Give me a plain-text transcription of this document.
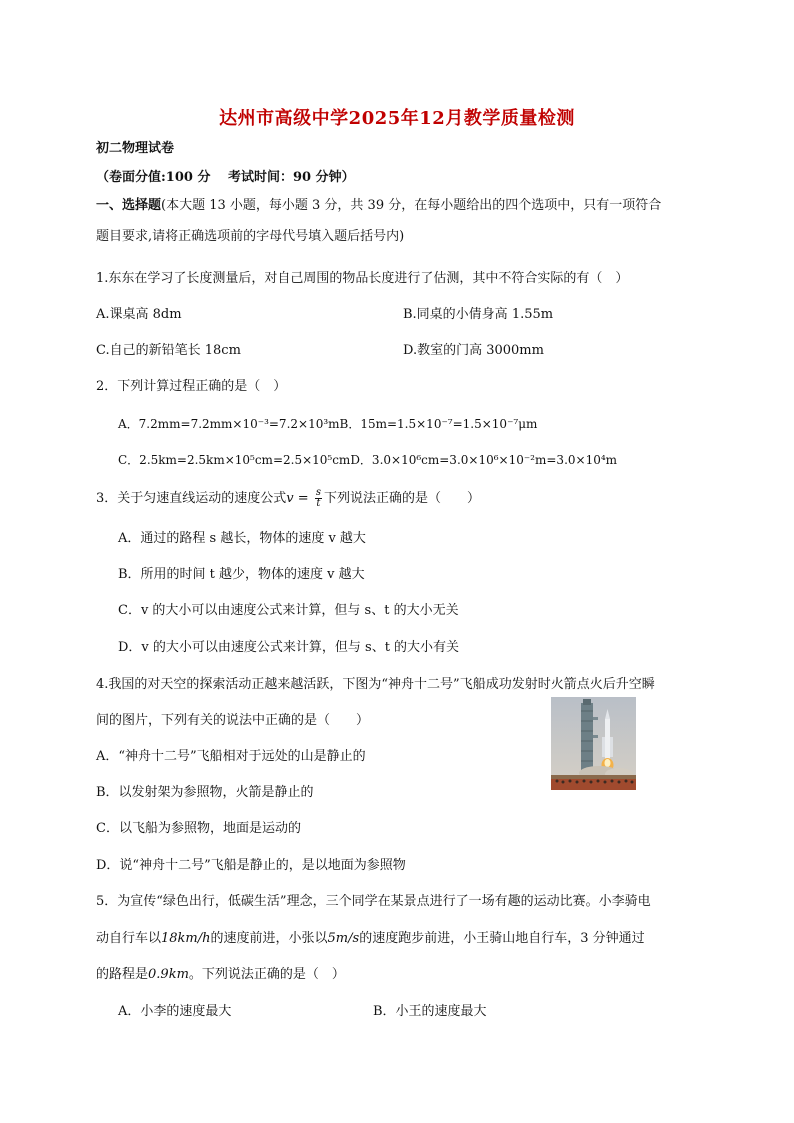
达州市高级中学2025年12月教学质量检测
初二物理试卷
（卷面分值:100 分　 考试时间：90 分钟）
一、选择题(本大题 13 小题，每小题 3 分，共 39 分，在每小题给出的四个选项中，只有一项符合
题目要求,请将正确选项前的字母代号填入题后括号内)
1.东东在学习了长度测量后，对自己周围的物品长度进行了估测，其中不符合实际的有（　）
A.课桌高 8dm	B.同桌的小倩身高 1.55m
C.自己的新铅笔长 18cm	D.教室的门高 3000mm
2．下列计算过程正确的是（　）
A．7.2mm=7.2mm×10⁻³=7.2×10³mB．15m=1.5×10⁻⁷=1.5×10⁻⁷μm
C．2.5km=2.5km×10⁵cm=2.5×10⁵cmD．3.0×10⁶cm=3.0×10⁶×10⁻²m=3.0×10⁴m
3．关于匀速直线运动的速度公式$v = \frac{s}{t}$ 下列说法正确的是（　　）
A．通过的路程 s 越长，物体的速度 v 越大
B．所用的时间 t 越少，物体的速度 v 越大
C．v 的大小可以由速度公式来计算，但与 s、t 的大小无关
D．v 的大小可以由速度公式来计算，但与 s、t 的大小有关
4.我国的对天空的探索活动正越来越活跃，下图为“神舟十二号”飞船成功发射时火箭点火后升空瞬
间的图片，下列有关的说法中正确的是（　　）
A．“神舟十二号”飞船相对于远处的山是静止的
B．以发射架为参照物，火箭是静止的
C．以飞船为参照物，地面是运动的
D．说“神舟十二号”飞船是静止的，是以地面为参照物
5．为宣传“绿色出行，低碳生活”理念，三个同学在某景点进行了一场有趣的运动比赛。小李骑电
动自行车以18km/h的速度前进，小张以5m/s的速度跑步前进，小王骑山地自行车，3 分钟通过
的路程是0.9km。下列说法正确的是（　）
A．小李的速度最大	B．小王的速度最大
